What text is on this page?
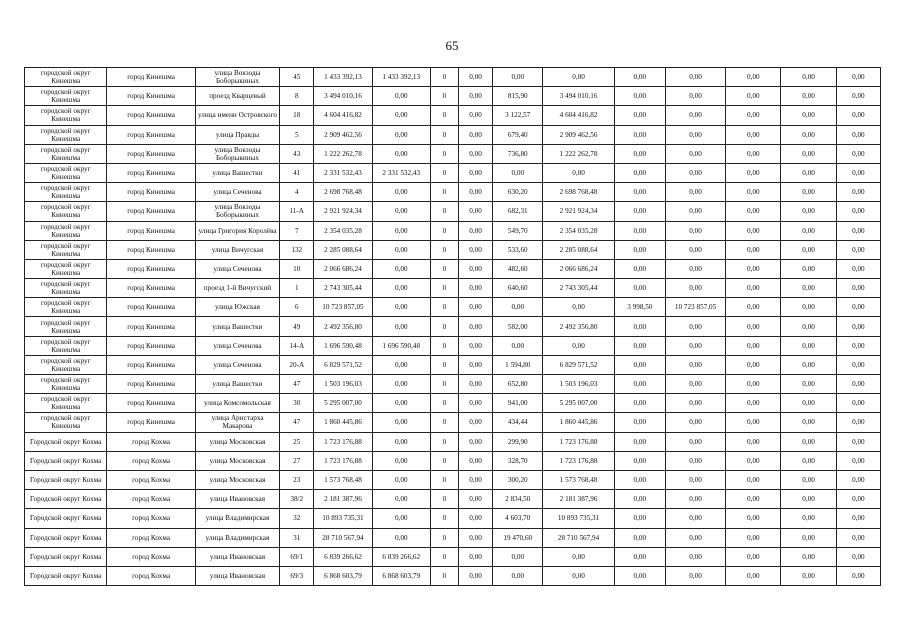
65
городской округ Кинешма	город Кинешма	улица Вокзоды Боборыкиных	45	1 433 392,13	1 433 392,13	0	0,00	0,00	0,00	0,00	0,00	0,00	0,00	0,00
городской округ Кинешма	город Кинешма	проезд Кварцевый	8	3 494 010,16	0,00	0	0,00	815,90	3 494 010,16	0,00	0,00	0,00	0,00	0,00
городской округ Кинешма	город Кинешма	улица имени Островского	18	4 604 416,82	0,00	0	0,00	3 122,57	4 604 416,82	0,00	0,00	0,00	0,00	0,00
городской округ Кинешма	город Кинешма	улица Правды	5	2 909 462,56	0,00	0	0,00	679,40	2 909 462,56	0,00	0,00	0,00	0,00	0,00
городской округ Кинешма	город Кинешма	улица Вокзоды Боборыкиных	43	1 222 262,78	0,00	0	0,00	736,80	1 222 262,78	0,00	0,00	0,00	0,00	0,00
городской округ Кинешма	город Кинешма	улица Вашестки	41	2 331 532,43	2 331 532,43	0	0,00	0,00	0,00	0,00	0,00	0,00	0,00	0,00
городской округ Кинешма	город Кинешма	улица Сеченова	4	2 698 768,48	0,00	0	0,00	630,20	2 698 768,48	0,00	0,00	0,00	0,00	0,00
городской округ Кинешма	город Кинешма	улица Вокзоды Боборыкиных	11-А	2 921 924,34	0,00	0	0,00	682,31	2 921 924,34	0,00	0,00	0,00	0,00	0,00
городской округ Кинешма	город Кинешма	улица Григория Королёва	7	2 354 035,28	0,00	0	0,00	549,70	2 354 035,28	0,00	0,00	0,00	0,00	0,00
городской округ Кинешма	город Кинешма	улица Вичугская	132	2 285 088,64	0,00	0	0,00	533,60	2 285 088,64	0,00	0,00	0,00	0,00	0,00
городской округ Кинешма	город Кинешма	улица Сеченова	10	2 066 686,24	0,00	0	0,00	482,60	2 066 686,24	0,00	0,00	0,00	0,00	0,00
городской округ Кинешма	город Кинешма	проезд 1-й Вичугский	1	2 743 305,44	0,00	0	0,00	640,60	2 743 305,44	0,00	0,00	0,00	0,00	0,00
городской округ Кинешма	город Кинешма	улица Южская	6	10 723 857,05	0,00	0	0,00	0,00	0,00	3 998,50	10 723 857,05	0,00	0,00	0,00
городской округ Кинешма	город Кинешма	улица Вашестки	49	2 492 356,80	0,00	0	0,00	582,00	2 492 356,80	0,00	0,00	0,00	0,00	0,00
городской округ Кинешма	город Кинешма	улица Сеченова	14-А	1 696 590,48	1 696 590,48	0	0,00	0,00	0,00	0,00	0,00	0,00	0,00	0,00
городской округ Кинешма	город Кинешма	улица Сеченова	20-А	6 829 571,52	0,00	0	0,00	1 594,80	6 829 571,52	0,00	0,00	0,00	0,00	0,00
городской округ Кинешма	город Кинешма	улица Вашестки	47	1 503 196,03	0,00	0	0,00	652,80	1 503 196,03	0,00	0,00	0,00	0,00	0,00
городской округ Кинешма	город Кинешма	улица Комсомольская	30	5 295 007,00	0,00	0	0,00	941,00	5 295 007,00	0,00	0,00	0,00	0,00	0,00
городской округ Кинешма	город Кинешма	улица Аристарха Макарова	47	1 860 445,86	0,00	0	0,00	434,44	1 860 445,86	0,00	0,00	0,00	0,00	0,00
Городской округ Кохма	город Кохма	улица Московская	25	1 723 176,88	0,00	0	0,00	299,90	1 723 176,88	0,00	0,00	0,00	0,00	0,00
Городской округ Кохма	город Кохма	улица Московская	27	1 723 176,88	0,00	0	0,00	328,70	1 723 176,88	0,00	0,00	0,00	0,00	0,00
Городской округ Кохма	город Кохма	улица Московская	23	1 573 768,48	0,00	0	0,00	300,20	1 573 768,48	0,00	0,00	0,00	0,00	0,00
Городской округ Кохма	город Кохма	улица Ивановская	38/2	2 181 387,96	0,00	0	0,00	2 834,50	2 181 387,96	0,00	0,00	0,00	0,00	0,00
Городской округ Кохма	город Кохма	улица Владимирская	32	10 893 735,31	0,00	0	0,00	4 603,70	10 893 735,31	0,00	0,00	0,00	0,00	0,00
Городской округ Кохма	город Кохма	улица Владимирская	31	28 710 567,94	0,00	0	0,00	19 470,60	28 710 567,94	0,00	0,00	0,00	0,00	0,00
Городской округ Кохма	город Кохма	улица Ивановская	69/1	6 839 266,62	6 839 266,62	0	0,00	0,00	0,00	0,00	0,00	0,00	0,00	0,00
Городской округ Кохма	город Кохма	улица Ивановская	69/3	6 868 603,79	6 868 603,79	0	0,00	0,00	0,00	0,00	0,00	0,00	0,00	0,00
